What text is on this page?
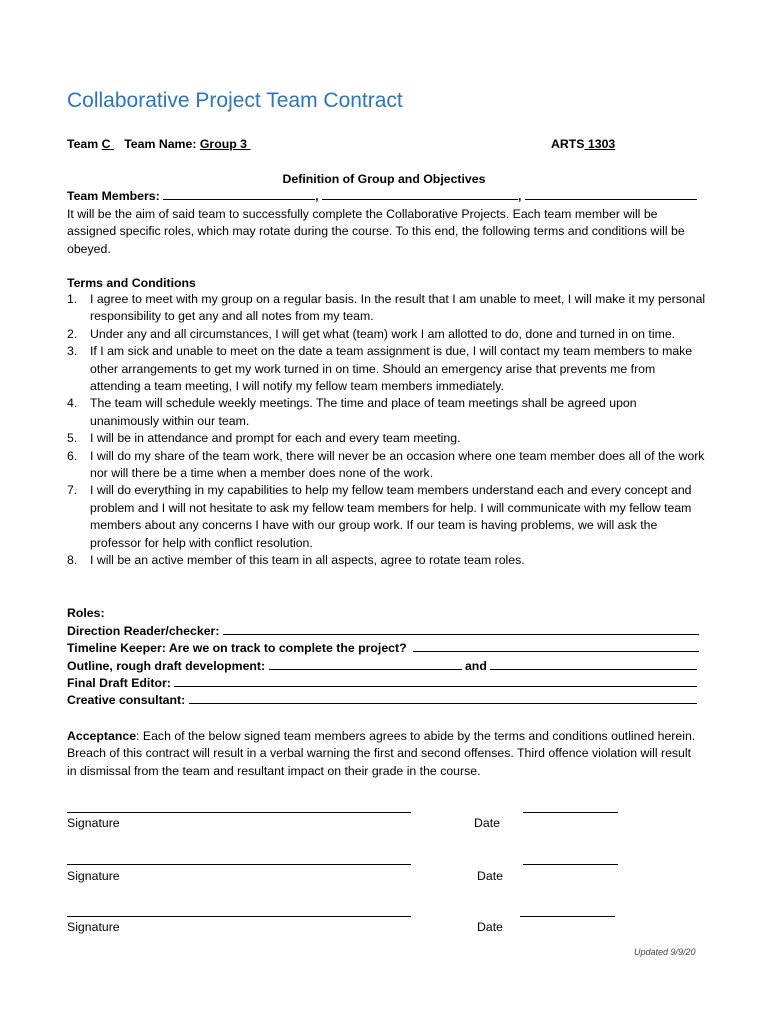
Collaborative Project Team Contract
Team C Team Name: Group 3	ARTS 1303
Definition of Group and Objectives
Team Members:	,	,
It will be the aim of said team to successfully complete the Collaborative Projects. Each team member will be assigned specific roles, which may rotate during the course. To this end, the following terms and conditions will be obeyed.
Terms and Conditions
1. I agree to meet with my group on a regular basis. In the result that I am unable to meet, I will make it my personal responsibility to get any and all notes from my team.
2. Under any and all circumstances, I will get what (team) work I am allotted to do, done and turned in on time.
3. If I am sick and unable to meet on the date a team assignment is due, I will contact my team members to make other arrangements to get my work turned in on time. Should an emergency arise that prevents me from attending a team meeting, I will notify my fellow team members immediately.
4. The team will schedule weekly meetings. The time and place of team meetings shall be agreed upon unanimously within our team.
5. I will be in attendance and prompt for each and every team meeting.
6. I will do my share of the team work, there will never be an occasion where one team member does all of the work nor will there be a time when a member does none of the work.
7. I will do everything in my capabilities to help my fellow team members understand each and every concept and problem and I will not hesitate to ask my fellow team members for help. I will communicate with my fellow team members about any concerns I have with our group work. If our team is having problems, we will ask the professor for help with conflict resolution.
8. I will be an active member of this team in all aspects, agree to rotate team roles.
Roles:
Direction Reader/checker:

Timeline Keeper: Are we on track to complete the project?

Outline, rough draft development:

	and

Final Draft Editor:

Creative consultant:

Acceptance: Each of the below signed team members agrees to abide by the terms and conditions outlined herein. Breach of this contract will result in a verbal warning the first and second offenses. Third offence violation will result in dismissal from the team and resultant impact on their grade in the course.
Signature	Date
Signature	Date
Signature	Date
Updated 9/9/20
